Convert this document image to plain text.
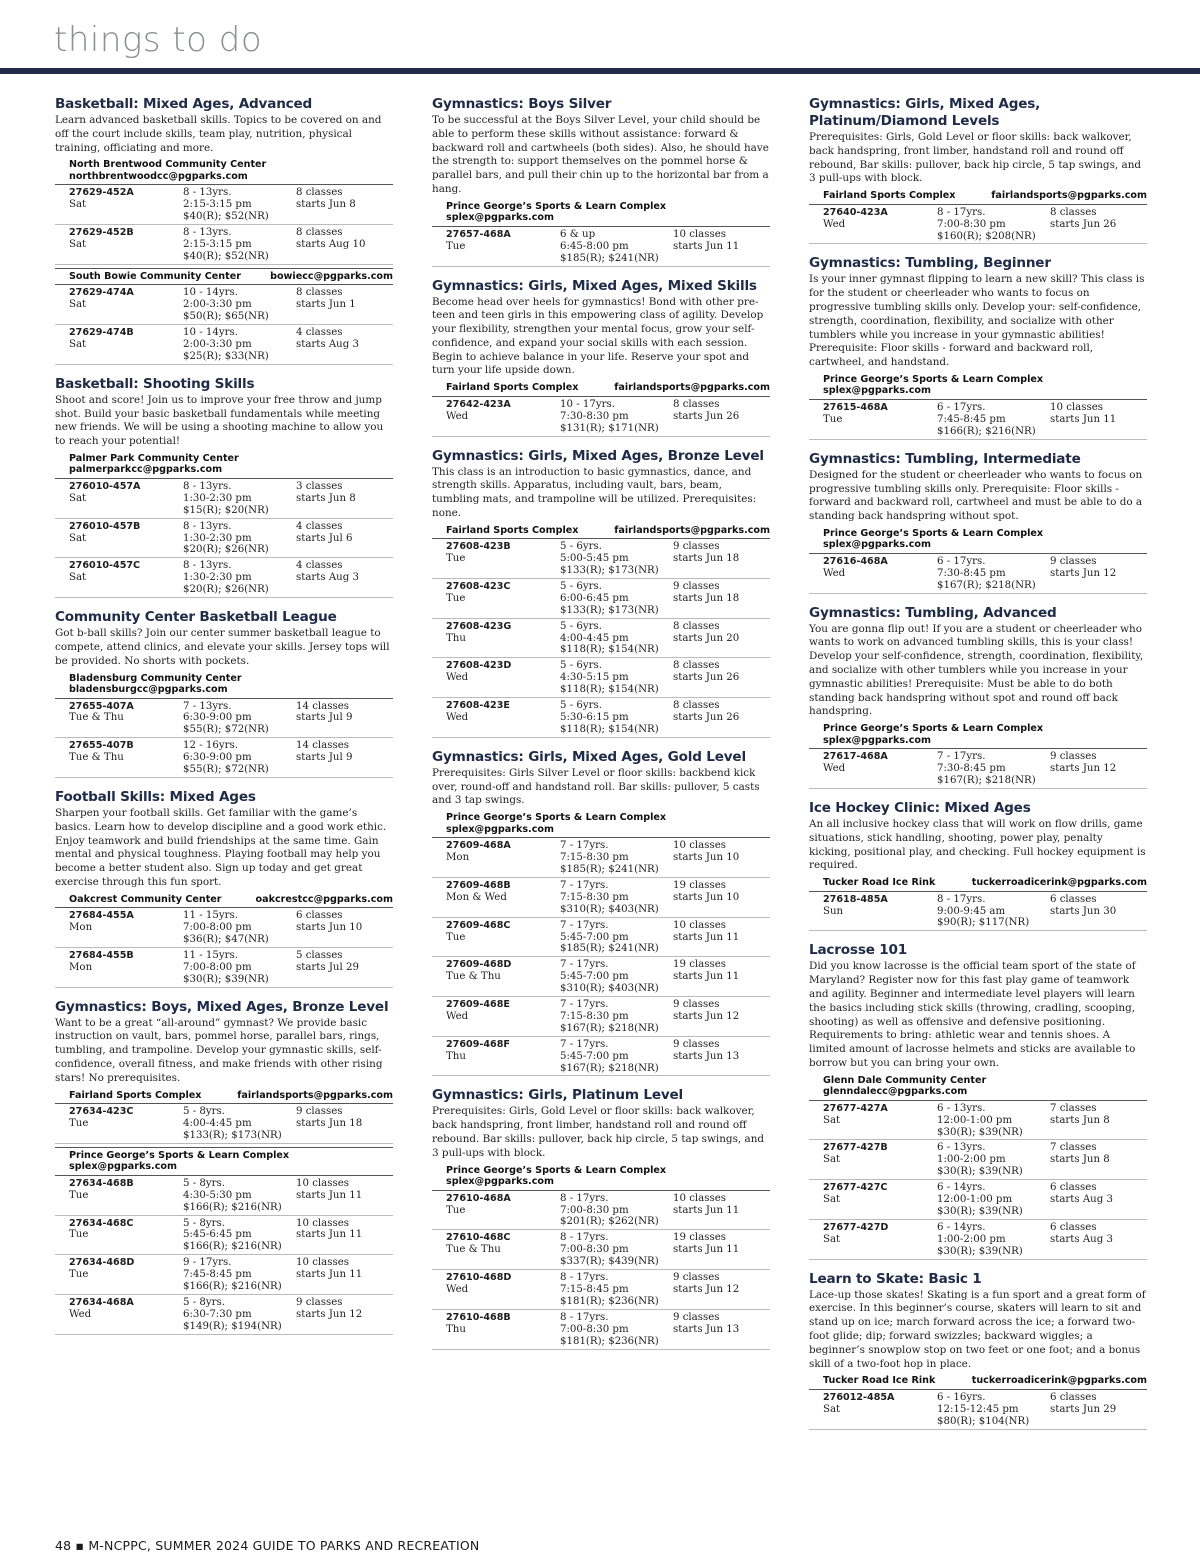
things to do
Basketball: Mixed Ages, Advanced
Learn advanced basketball skills. Topics to be covered on and off the court include skills, team play, nutrition, physical training, officiating and more.
North Brentwood Community Center
northbrentwoodcc@pgparks.com
27629-452A	8 - 13yrs.	8 classes
Sat	2:15-3:15 pm	starts Jun 8
$40(R); $52(NR)
27629-452B	8 - 13yrs.	8 classes
Sat	2:15-3:15 pm	starts Aug 10
$40(R); $52(NR)
South Bowie Community Center	bowiecc@pgparks.com
27629-474A	10 - 14yrs.	8 classes
Sat	2:00-3:30 pm	starts Jun 1
$50(R); $65(NR)
27629-474B	10 - 14yrs.	4 classes
Sat	2:00-3:30 pm	starts Aug 3
$25(R); $33(NR)
Basketball: Shooting Skills
Shoot and score! Join us to improve your free throw and jump shot. Build your basic basketball fundamentals while meeting new friends. We will be using a shooting machine to allow you to reach your potential!
Palmer Park Community Center
palmerparkcc@pgparks.com
276010-457A	8 - 13yrs.	3 classes
Sat	1:30-2:30 pm	starts Jun 8
$15(R); $20(NR)
276010-457B	8 - 13yrs.	4 classes
Sat	1:30-2:30 pm	starts Jul 6
$20(R); $26(NR)
276010-457C	8 - 13yrs.	4 classes
Sat	1:30-2:30 pm	starts Aug 3
$20(R); $26(NR)
Community Center Basketball League
Got b-ball skills? Join our center summer basketball league to compete, attend clinics, and elevate your skills. Jersey tops will be provided. No shorts with pockets.
Bladensburg Community Center
bladensburgcc@pgparks.com
27655-407A	7 - 13yrs.	14 classes
Tue & Thu	6:30-9:00 pm	starts Jul 9
$55(R); $72(NR)
27655-407B	12 - 16yrs.	14 classes
Tue & Thu	6:30-9:00 pm	starts Jul 9
$55(R); $72(NR)
Football Skills: Mixed Ages
Sharpen your football skills. Get familiar with the game’s basics. Learn how to develop discipline and a good work ethic. Enjoy teamwork and build friendships at the same time. Gain mental and physical toughness. Playing football may help you become a better student also. Sign up today and get great exercise through this fun sport.
Oakcrest Community Center	oakcrestcc@pgparks.com
27684-455A	11 - 15yrs.	6 classes
Mon	7:00-8:00 pm	starts Jun 10
$36(R); $47(NR)
27684-455B	11 - 15yrs.	5 classes
Mon	7:00-8:00 pm	starts Jul 29
$30(R); $39(NR)
Gymnastics: Boys, Mixed Ages, Bronze Level
Want to be a great “all-around” gymnast? We provide basic instruction on vault, bars, pommel horse, parallel bars, rings, tumbling, and trampoline. Develop your gymnastic skills, self-confidence, overall fitness, and make friends with other rising stars! No prerequisites.
Fairland Sports Complex	fairlandsports@pgparks.com
27634-423C	5 - 8yrs.	9 classes
Tue	4:00-4:45 pm	starts Jun 18
$133(R); $173(NR)
Prince George’s Sports & Learn Complex
splex@pgparks.com
27634-468B	5 - 8yrs.	10 classes
Tue	4:30-5:30 pm	starts Jun 11
$166(R); $216(NR)
27634-468C	5 - 8yrs.	10 classes
Tue	5:45-6:45 pm	starts Jun 11
$166(R); $216(NR)
27634-468D	9 - 17yrs.	10 classes
Tue	7:45-8:45 pm	starts Jun 11
$166(R); $216(NR)
27634-468A	5 - 8yrs.	9 classes
Wed	6:30-7:30 pm	starts Jun 12
$149(R); $194(NR)
Gymnastics: Boys Silver
To be successful at the Boys Silver Level, your child should be able to perform these skills without assistance: forward & backward roll and cartwheels (both sides). Also, he should have the strength to: support themselves on the pommel horse & parallel bars, and pull their chin up to the horizontal bar from a hang.
Prince George’s Sports & Learn Complex
splex@pgparks.com
27657-468A	6 & up	10 classes
Tue	6:45-8:00 pm	starts Jun 11
$185(R); $241(NR)
Gymnastics: Girls, Mixed Ages, Mixed Skills
Become head over heels for gymnastics! Bond with other pre-teen and teen girls in this empowering class of agility. Develop your flexibility, strengthen your mental focus, grow your self-confidence, and expand your social skills with each session. Begin to achieve balance in your life. Reserve your spot and turn your life upside down.
Fairland Sports Complex	fairlandsports@pgparks.com
27642-423A	10 - 17yrs.	8 classes
Wed	7:30-8:30 pm	starts Jun 26
$131(R); $171(NR)
Gymnastics: Girls, Mixed Ages, Bronze Level
This class is an introduction to basic gymnastics, dance, and strength skills. Apparatus, including vault, bars, beam, tumbling mats, and trampoline will be utilized. Prerequisites: none.
Fairland Sports Complex	fairlandsports@pgparks.com
27608-423B	5 - 6yrs.	9 classes
Tue	5:00-5:45 pm	starts Jun 18
$133(R); $173(NR)
27608-423C	5 - 6yrs.	9 classes
Tue	6:00-6:45 pm	starts Jun 18
$133(R); $173(NR)
27608-423G	5 - 6yrs.	8 classes
Thu	4:00-4:45 pm	starts Jun 20
$118(R); $154(NR)
27608-423D	5 - 6yrs.	8 classes
Wed	4:30-5:15 pm	starts Jun 26
$118(R); $154(NR)
27608-423E	5 - 6yrs.	8 classes
Wed	5:30-6:15 pm	starts Jun 26
$118(R); $154(NR)
Gymnastics: Girls, Mixed Ages, Gold Level
Prerequisites: Girls Silver Level or floor skills: backbend kick over, round-off and handstand roll. Bar skills: pullover, 5 casts and 3 tap swings.
Prince George’s Sports & Learn Complex
splex@pgparks.com
27609-468A	7 - 17yrs.	10 classes
Mon	7:15-8:30 pm	starts Jun 10
$185(R); $241(NR)
27609-468B	7 - 17yrs.	19 classes
Mon & Wed	7:15-8:30 pm	starts Jun 10
$310(R); $403(NR)
27609-468C	7 - 17yrs.	10 classes
Tue	5:45-7:00 pm	starts Jun 11
$185(R); $241(NR)
27609-468D	7 - 17yrs.	19 classes
Tue & Thu	5:45-7:00 pm	starts Jun 11
$310(R); $403(NR)
27609-468E	7 - 17yrs.	9 classes
Wed	7:15-8:30 pm	starts Jun 12
$167(R); $218(NR)
27609-468F	7 - 17yrs.	9 classes
Thu	5:45-7:00 pm	starts Jun 13
$167(R); $218(NR)
Gymnastics: Girls, Platinum Level
Prerequisites: Girls, Gold Level or floor skills: back walkover, back handspring, front limber, handstand roll and round off rebound. Bar skills: pullover, back hip circle, 5 tap swings, and 3 pull-ups with block.
Prince George’s Sports & Learn Complex
splex@pgparks.com
27610-468A	8 - 17yrs.	10 classes
Tue	7:00-8:30 pm	starts Jun 11
$201(R); $262(NR)
27610-468C	8 - 17yrs.	19 classes
Tue & Thu	7:00-8:30 pm	starts Jun 11
$337(R); $439(NR)
27610-468D	8 - 17yrs.	9 classes
Wed	7:15-8:45 pm	starts Jun 12
$181(R); $236(NR)
27610-468B	8 - 17yrs.	9 classes
Thu	7:00-8:30 pm	starts Jun 13
$181(R); $236(NR)
Gymnastics: Girls, Mixed Ages, Platinum/Diamond Levels
Prerequisites: Girls, Gold Level or floor skills: back walkover, back handspring, front limber, handstand roll and round off rebound, Bar skills: pullover, back hip circle, 5 tap swings, and 3 pull-ups with block.
Fairland Sports Complex	fairlandsports@pgparks.com
27640-423A	8 - 17yrs.	8 classes
Wed	7:00-8:30 pm	starts Jun 26
$160(R); $208(NR)
Gymnastics: Tumbling, Beginner
Is your inner gymnast flipping to learn a new skill? This class is for the student or cheerleader who wants to focus on progressive tumbling skills only. Develop your: self-confidence, strength, coordination, flexibility, and socialize with other tumblers while you increase in your gymnastic abilities! Prerequisite: Floor skills - forward and backward roll, cartwheel, and handstand.
Prince George’s Sports & Learn Complex
splex@pgparks.com
27615-468A	6 - 17yrs.	10 classes
Tue	7:45-8:45 pm	starts Jun 11
$166(R); $216(NR)
Gymnastics: Tumbling, Intermediate
Designed for the student or cheerleader who wants to focus on progressive tumbling skills only. Prerequisite: Floor skills - forward and backward roll, cartwheel and must be able to do a standing back handspring without spot.
Prince George’s Sports & Learn Complex
splex@pgparks.com
27616-468A	6 - 17yrs.	9 classes
Wed	7:30-8:45 pm	starts Jun 12
$167(R); $218(NR)
Gymnastics: Tumbling, Advanced
You are gonna flip out! If you are a student or cheerleader who wants to work on advanced tumbling skills, this is your class! Develop your self-confidence, strength, coordination, flexibility, and socialize with other tumblers while you increase in your gymnastic abilities! Prerequisite: Must be able to do both standing back handspring without spot and round off back handspring.
Prince George’s Sports & Learn Complex
splex@pgparks.com
27617-468A	7 - 17yrs.	9 classes
Wed	7:30-8:45 pm	starts Jun 12
$167(R); $218(NR)
Ice Hockey Clinic: Mixed Ages
An all inclusive hockey class that will work on flow drills, game situations, stick handling, shooting, power play, penalty kicking, positional play, and checking. Full hockey equipment is required.
Tucker Road Ice Rink	tuckerroadicerink@pgparks.com
27618-485A	8 - 17yrs.	6 classes
Sun	9:00-9:45 am	starts Jun 30
$90(R); $117(NR)
Lacrosse 101
Did you know lacrosse is the official team sport of the state of Maryland? Register now for this fast play game of teamwork and agility. Beginner and intermediate level players will learn the basics including stick skills (throwing, cradling, scooping, shooting) as well as offensive and defensive positioning. Requirements to bring: athletic wear and tennis shoes. A limited amount of lacrosse helmets and sticks are available to borrow but you can bring your own.
Glenn Dale Community Center
glenndalecc@pgparks.com
27677-427A	6 - 13yrs.	7 classes
Sat	12:00-1:00 pm	starts Jun 8
$30(R); $39(NR)
27677-427B	6 - 13yrs.	7 classes
Sat	1:00-2:00 pm	starts Jun 8
$30(R); $39(NR)
27677-427C	6 - 14yrs.	6 classes
Sat	12:00-1:00 pm	starts Aug 3
$30(R); $39(NR)
27677-427D	6 - 14yrs.	6 classes
Sat	1:00-2:00 pm	starts Aug 3
$30(R); $39(NR)
Learn to Skate: Basic 1
Lace-up those skates! Skating is a fun sport and a great form of exercise. In this beginner’s course, skaters will learn to sit and stand up on ice; march forward across the ice; a forward two-foot glide; dip; forward swizzles; backward wiggles; a beginner’s snowplow stop on two feet or one foot; and a bonus skill of a two-foot hop in place.
Tucker Road Ice Rink	tuckerroadicerink@pgparks.com
276012-485A	6 - 16yrs.	6 classes
Sat	12:15-12:45 pm	starts Jun 29
$80(R); $104(NR)
48 ▪ M-NCPPC, SUMMER 2024 GUIDE TO PARKS AND RECREATION
